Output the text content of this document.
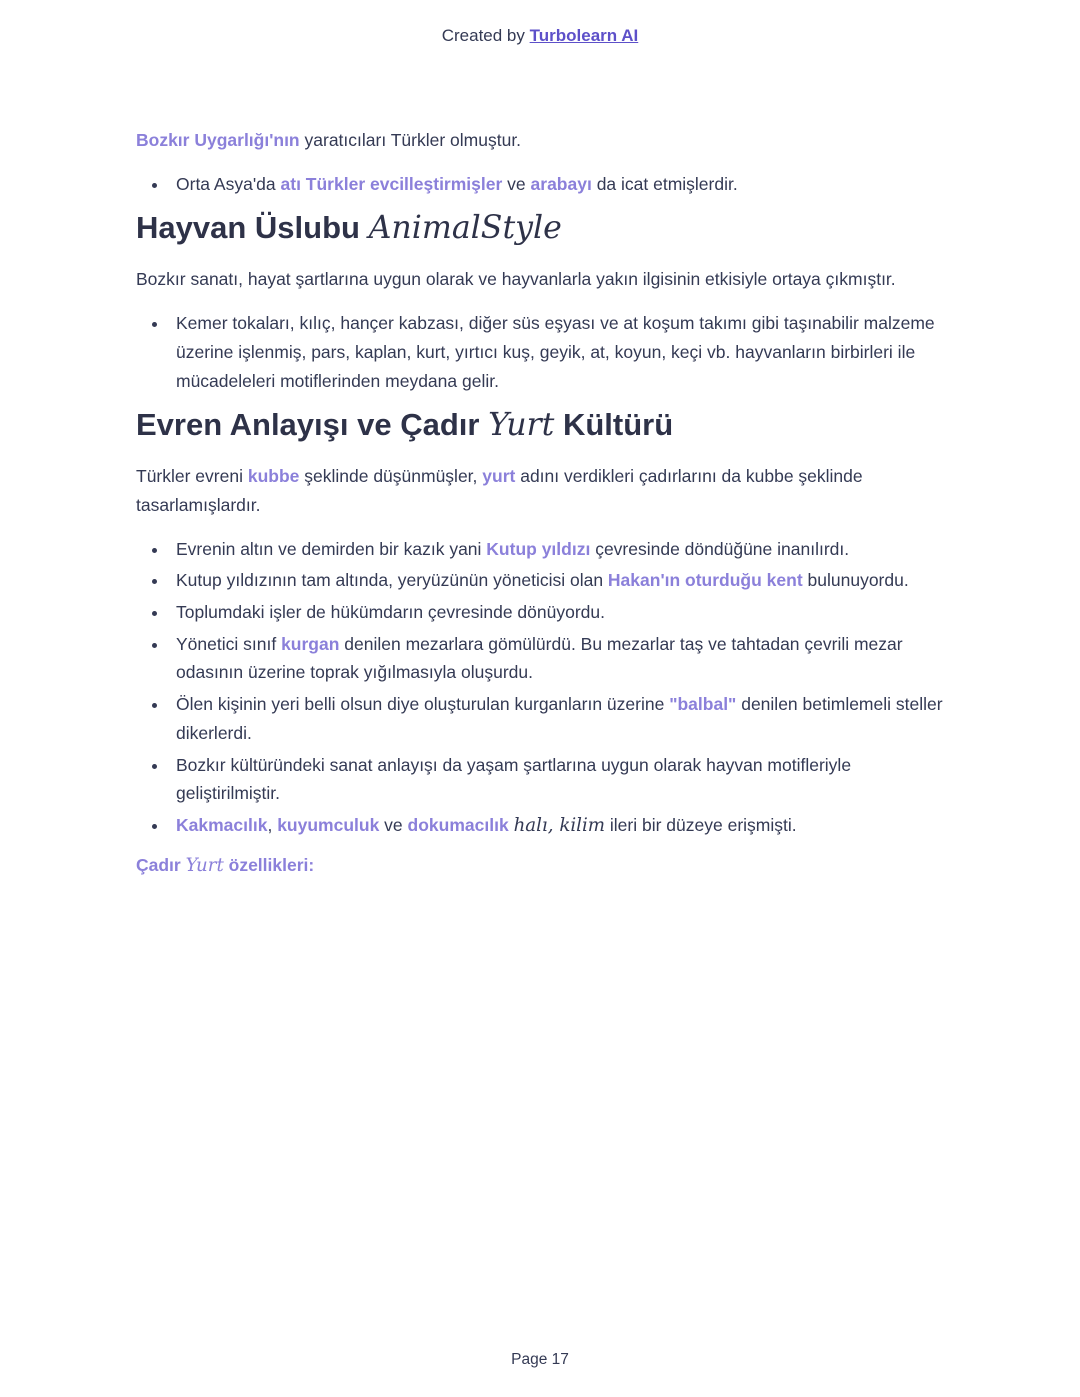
Created by Turbolearn AI

Bozkır Uygarlığı'nın yaratıcıları Türkler olmuştur.

• Orta Asya'da atı Türkler evcilleştirmişler ve arabayı da icat etmişlerdir.
Hayvan Üslubu AnimalStyle

Bozkır sanatı, hayat şartlarına uygun olarak ve hayvanlarla yakın ilgisinin etkisiyle ortaya çıkmıştır.

• Kemer tokaları, kılıç, hançer kabzası, diğer süs eşyası ve at koşum takımı gibi taşınabilir malzeme üzerine işlenmiş, pars, kaplan, kurt, yırtıcı kuş, geyik, at, koyun, keçi vb. hayvanların birbirleri ile mücadeleleri motiflerinden meydana gelir.
Evren Anlayışı ve Çadır Yurt Kültürü

Türkler evreni kubbe şeklinde düşünmüşler, yurt adını verdikleri çadırlarını da kubbe şeklinde tasarlamışlardır.

• Evrenin altın ve demirden bir kazık yani Kutup yıldızı çevresinde döndüğüne inanılırdı.
• Kutup yıldızının tam altında, yeryüzünün yöneticisi olan Hakan'ın oturduğu kent bulunuyordu.
• Toplumdaki işler de hükümdarın çevresinde dönüyordu.
• Yönetici sınıf kurgan denilen mezarlara gömülürdü. Bu mezarlar taş ve tahtadan çevrili mezar odasının üzerine toprak yığılmasıyla oluşurdu.
• Ölen kişinin yeri belli olsun diye oluşturulan kurganların üzerine "balbal" denilen betimlemeli steller dikerlerdi.
• Bozkır kültüründeki sanat anlayışı da yaşam şartlarına uygun olarak hayvan motifleriyle geliştirilmiştir.
• Kakmacılık, kuyumculuk ve dokumacılık halı, kilim ileri bir düzeye erişmişti.

Çadır Yurt özellikleri:

Page 17
